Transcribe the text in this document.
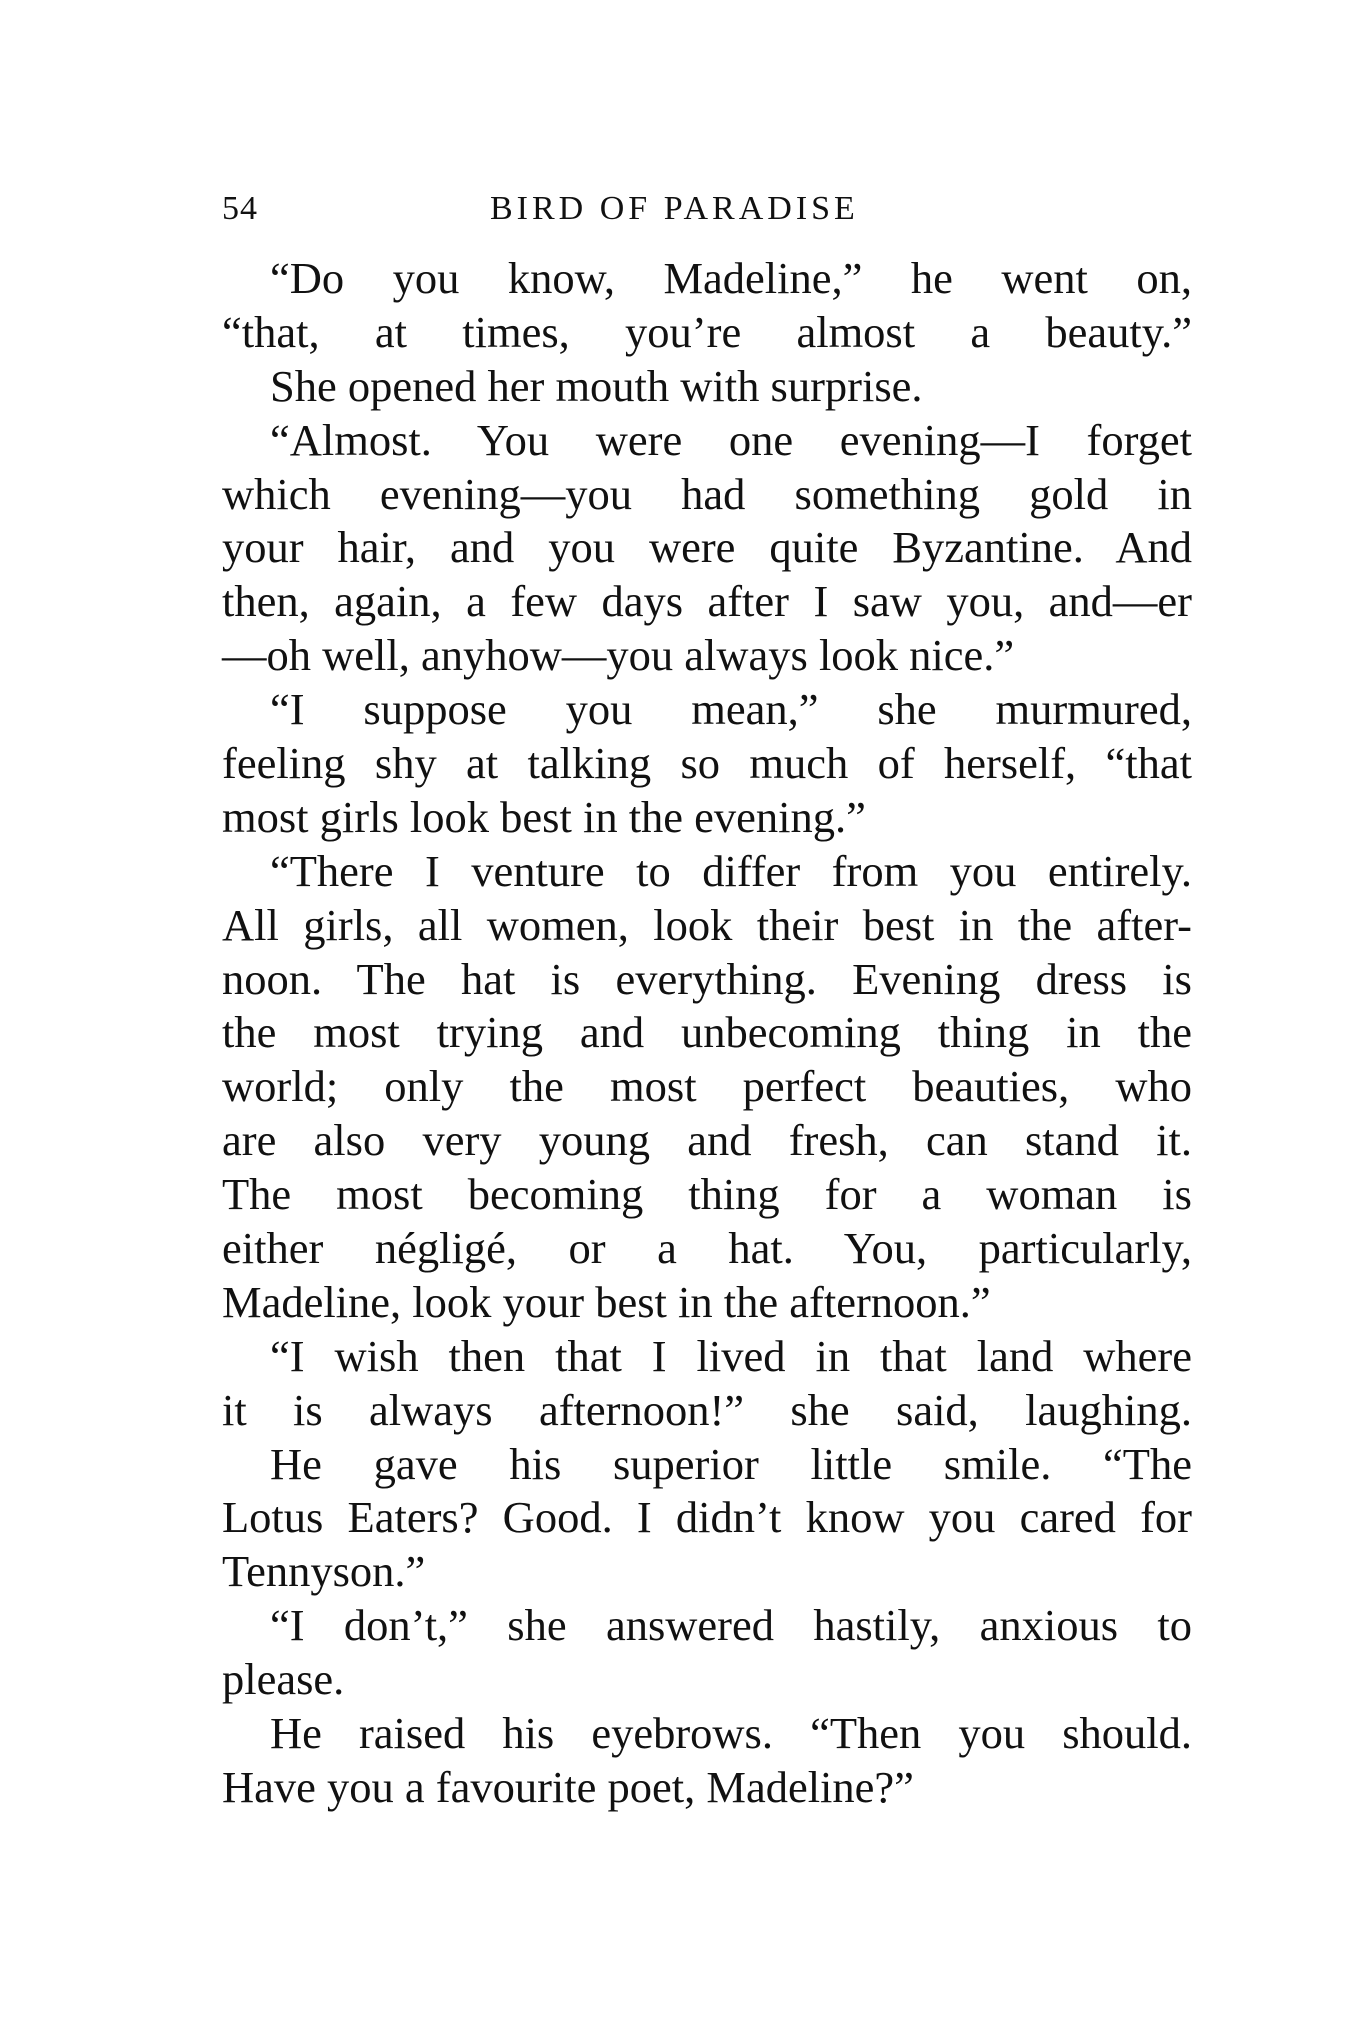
54	BIRD OF PARADISE
“Do you know, Madeline,” he went on,
“that, at times, you’re almost a beauty.”
She opened her mouth with surprise.
“Almost. You were one evening—I forget
which evening—you had something gold in
your hair, and you were quite Byzantine. And
then, again, a few days after I saw you, and—er
—oh well, anyhow—you always look nice.”
“I suppose you mean,” she murmured,
feeling shy at talking so much of herself, “that
most girls look best in the evening.”
“There I venture to differ from you entirely.
All girls, all women, look their best in the after-
noon. The hat is everything. Evening dress is
the most trying and unbecoming thing in the
world; only the most perfect beauties, who
are also very young and fresh, can stand it.
The most becoming thing for a woman is
either négligé, or a hat. You, particularly,
Madeline, look your best in the afternoon.”
“I wish then that I lived in that land where
it is always afternoon!” she said, laughing.
He gave his superior little smile. “The
Lotus Eaters? Good. I didn’t know you cared for
Tennyson.”
“I don’t,” she answered hastily, anxious to
please.
He raised his eyebrows. “Then you should.
Have you a favourite poet, Madeline?”
